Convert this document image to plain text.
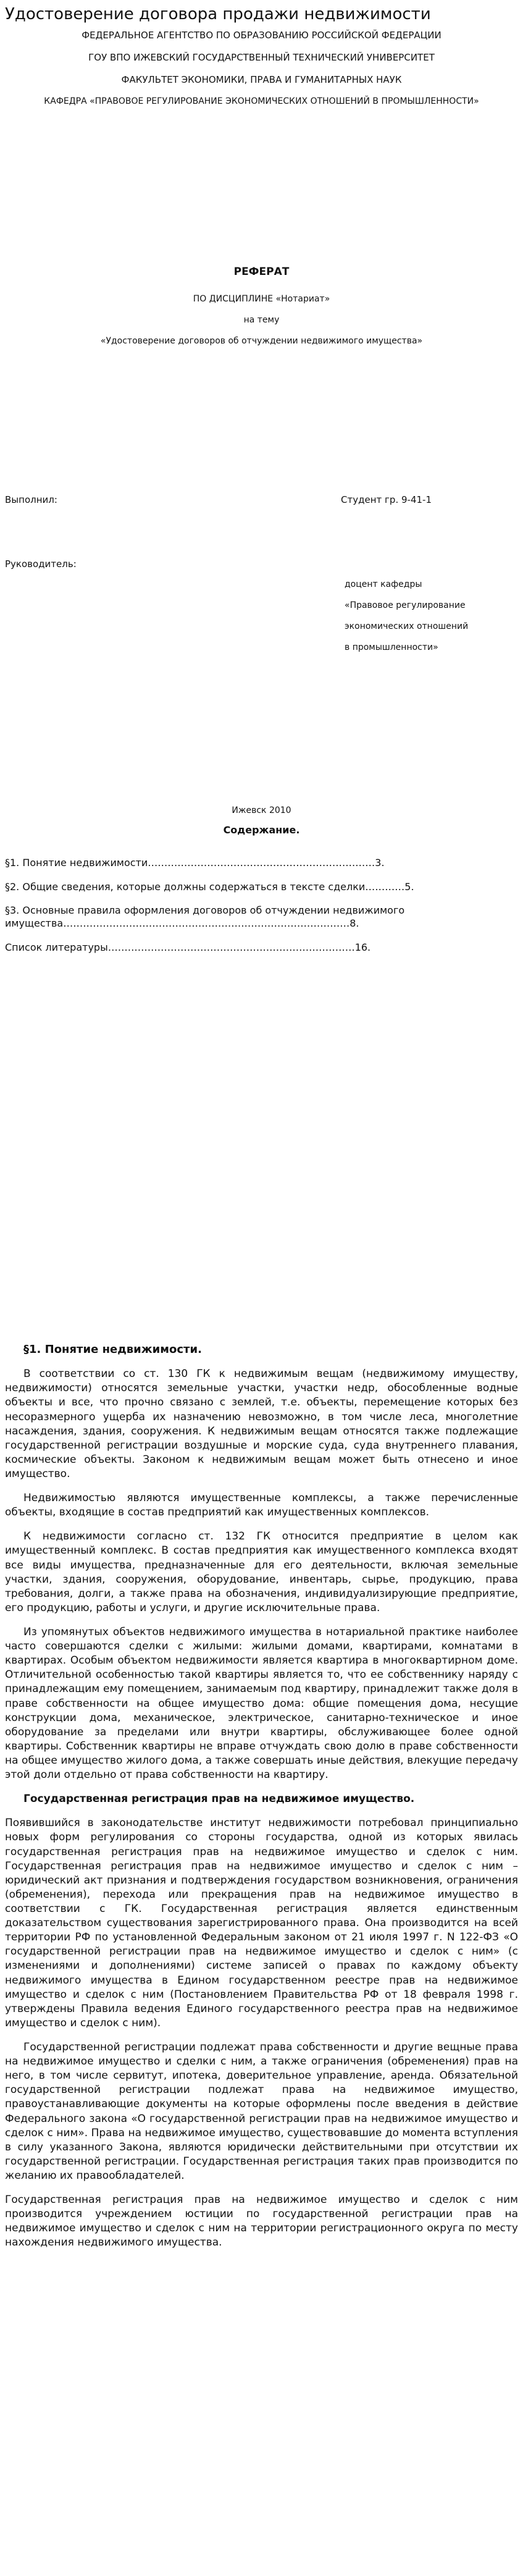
Удостоверение договора продажи недвижимости

ФЕДЕРАЛЬНОЕ АГЕНТСТВО ПО ОБРАЗОВАНИЮ РОССИЙСКОЙ ФЕДЕРАЦИИ

ГОУ ВПО ИЖЕВСКИЙ ГОСУДАРСТВЕННЫЙ ТЕХНИЧЕСКИЙ УНИВЕРСИТЕТ

ФАКУЛЬТЕТ ЭКОНОМИКИ, ПРАВА И ГУМАНИТАРНЫХ НАУК

КАФЕДРА «ПРАВОВОЕ РЕГУЛИРОВАНИЕ ЭКОНОМИЧЕСКИХ ОТНОШЕНИЙ В ПРОМЫШЛЕННОСТИ»

РЕФЕРАТ

ПО ДИСЦИПЛИНЕ «Нотариат»

на тему

«Удостоверение договоров об отчуждении недвижимого имущества»

Выполнил:	Студент гр. 9-41-1
Руководитель:
доцент кафедры
«Правовое регулирование
экономических отношений
в промышленности»
Ижевск 2010

Содержание.

§1. Понятие недвижимости……………………………………………………………3.

§2. Общие сведения, которые должны содержаться в тексте сделки…………5.

§3. Основные правила оформления договоров об отчуждении недвижимого имущества……………………………………………………………………………8.

Список литературы…………………………………………………………………16.

§1. Понятие недвижимости.

В соответствии со ст. 130 ГК к недвижимым вещам (недвижимому имуществу, недвижимости) относятся земельные участки, участки недр, обособленные водные объекты и все, что прочно связано с землей, т.е. объекты, перемещение которых без несоразмерного ущерба их назначению невозможно, в том числе леса, многолетние насаждения, здания, сооружения. К недвижимым вещам относятся также подлежащие государственной регистрации воздушные и морские суда, суда внутреннего плавания, космические объекты. Законом к недвижимым вещам может быть отнесено и иное имущество.

Недвижимостью являются имущественные комплексы, а также перечисленные объекты, входящие в состав предприятий как имущественных комплексов.

К недвижимости согласно ст. 132 ГК относится предприятие в целом как имущественный комплекс. В состав предприятия как имущественного комплекса входят все виды имущества, предназначенные для его деятельности, включая земельные участки, здания, сооружения, оборудование, инвентарь, сырье, продукцию, права требования, долги, а также права на обозначения, индивидуализирующие предприятие, его продукцию, работы и услуги, и другие исключительные права.

Из упомянутых объектов недвижимого имущества в нотариальной практике наиболее часто совершаются сделки с жилыми: жилыми домами, квартирами, комнатами в квартирах. Особым объектом недвижимости является квартира в многоквартирном доме. Отличительной особенностью такой квартиры является то, что ее собственнику наряду с принадлежащим ему помещением, занимаемым под квартиру, принадлежит также доля в праве собственности на общее имущество дома: общие помещения дома, несущие конструкции дома, механическое, электрическое, санитарно-техническое и иное оборудование за пределами или внутри квартиры, обслуживающее более одной квартиры. Собственник квартиры не вправе отчуждать свою долю в праве собственности на общее имущество жилого дома, а также совершать иные действия, влекущие передачу этой доли отдельно от права собственности на квартиру.

Государственная регистрация прав на недвижимое имущество.

Появившийся в законодательстве институт недвижимости потребовал принципиально новых форм регулирования со стороны государства, одной из которых явилась государственная регистрация прав на недвижимое имущество и сделок с ним. Государственная регистрация прав на недвижимое имущество и сделок с ним – юридический акт признания и подтверждения государством возникновения, ограничения (обременения), перехода или прекращения прав на недвижимое имущество в соответствии с ГК. Государственная регистрация является единственным доказательством существования зарегистрированного права. Она производится на всей территории РФ по установленной Федеральным законом от 21 июля 1997 г. N 122-ФЗ «О государственной регистрации прав на недвижимое имущество и сделок с ним» (с изменениями и дополнениями) системе записей о правах по каждому объекту недвижимого имущества в Едином государственном реестре прав на недвижимое имущество и сделок с ним (Постановлением Правительства РФ от 18 февраля 1998 г. утверждены Правила ведения Единого государственного реестра прав на недвижимое имущество и сделок с ним).

Государственной регистрации подлежат права собственности и другие вещные права на недвижимое имущество и сделки с ним, а также ограничения (обременения) прав на него, в том числе сервитут, ипотека, доверительное управление, аренда. Обязательной государственной регистрации подлежат права на недвижимое имущество, правоустанавливающие документы на которые оформлены после введения в действие Федерального закона «О государственной регистрации прав на недвижимое имущество и сделок с ним». Права на недвижимое имущество, существовавшие до момента вступления в силу указанного Закона, являются юридически действительными при отсутствии их государственной регистрации. Государственная регистрация таких прав производится по желанию их правообладателей.

Государственная регистрация прав на недвижимое имущество и сделок с ним производится учреждением юстиции по государственной регистрации прав на недвижимое имущество и сделок с ним на территории регистрационного округа по месту нахождения недвижимого имущества.
